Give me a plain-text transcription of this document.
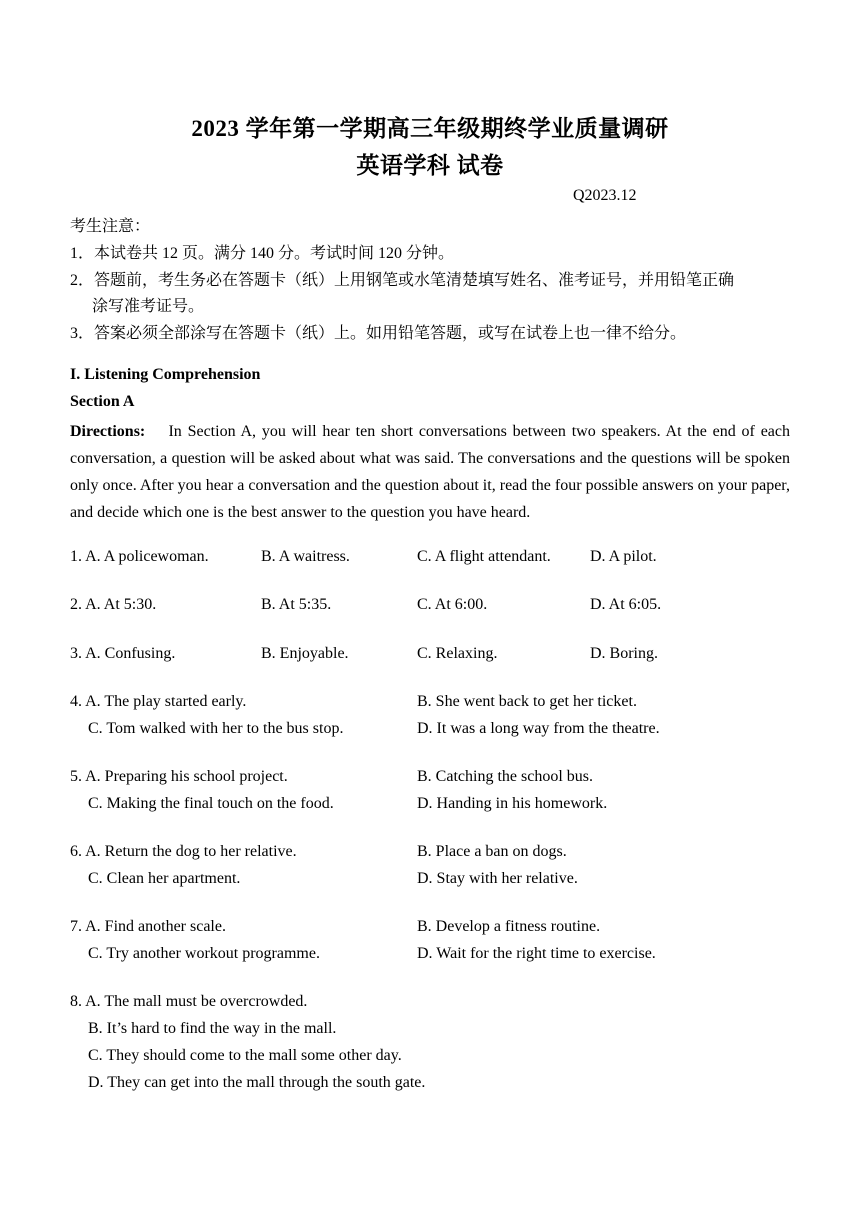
2023 学年第一学期高三年级期终学业质量调研
英语学科 试卷
Q2023.12
考生注意：
1．本试卷共 12 页。满分 140 分。考试时间 120 分钟。
2．答题前，考生务必在答题卡（纸）上用钢笔或水笔清楚填写姓名、准考证号，并用铅笔正确
涂写准考证号。
3．答案必须全部涂写在答题卡（纸）上。如用铅笔答题，或写在试卷上也一律不给分。
I. Listening Comprehension
Section A
Directions: In Section A, you will hear ten short conversations between two speakers. At the end of each conversation, a question will be asked about what was said. The conversations and the questions will be spoken only once. After you hear a conversation and the question about it, read the four possible answers on your paper, and decide which one is the best answer to the question you have heard.
1. A. A policewoman.	B. A waitress.	C. A flight attendant. D. A pilot.
2. A. At 5:30.	B. At 5:35.	C. At 6:00.	D. At 6:05.
3. A. Confusing.	B. Enjoyable.	C. Relaxing.	D. Boring.
4. A. The play started early.	B. She went back to get her ticket.
C. Tom walked with her to the bus stop.	D. It was a long way from the theatre.
5. A. Preparing his school project.	B. Catching the school bus.
C. Making the final touch on the food.	D. Handing in his homework.
6. A. Return the dog to her relative.	B. Place a ban on dogs.
C. Clean her apartment.	D. Stay with her relative.
7. A. Find another scale.	B. Develop a fitness routine.
C. Try another workout programme.	D. Wait for the right time to exercise.
8. A. The mall must be overcrowded.
B. It’s hard to find the way in the mall.
C. They should come to the mall some other day.
D. They can get into the mall through the south gate.
